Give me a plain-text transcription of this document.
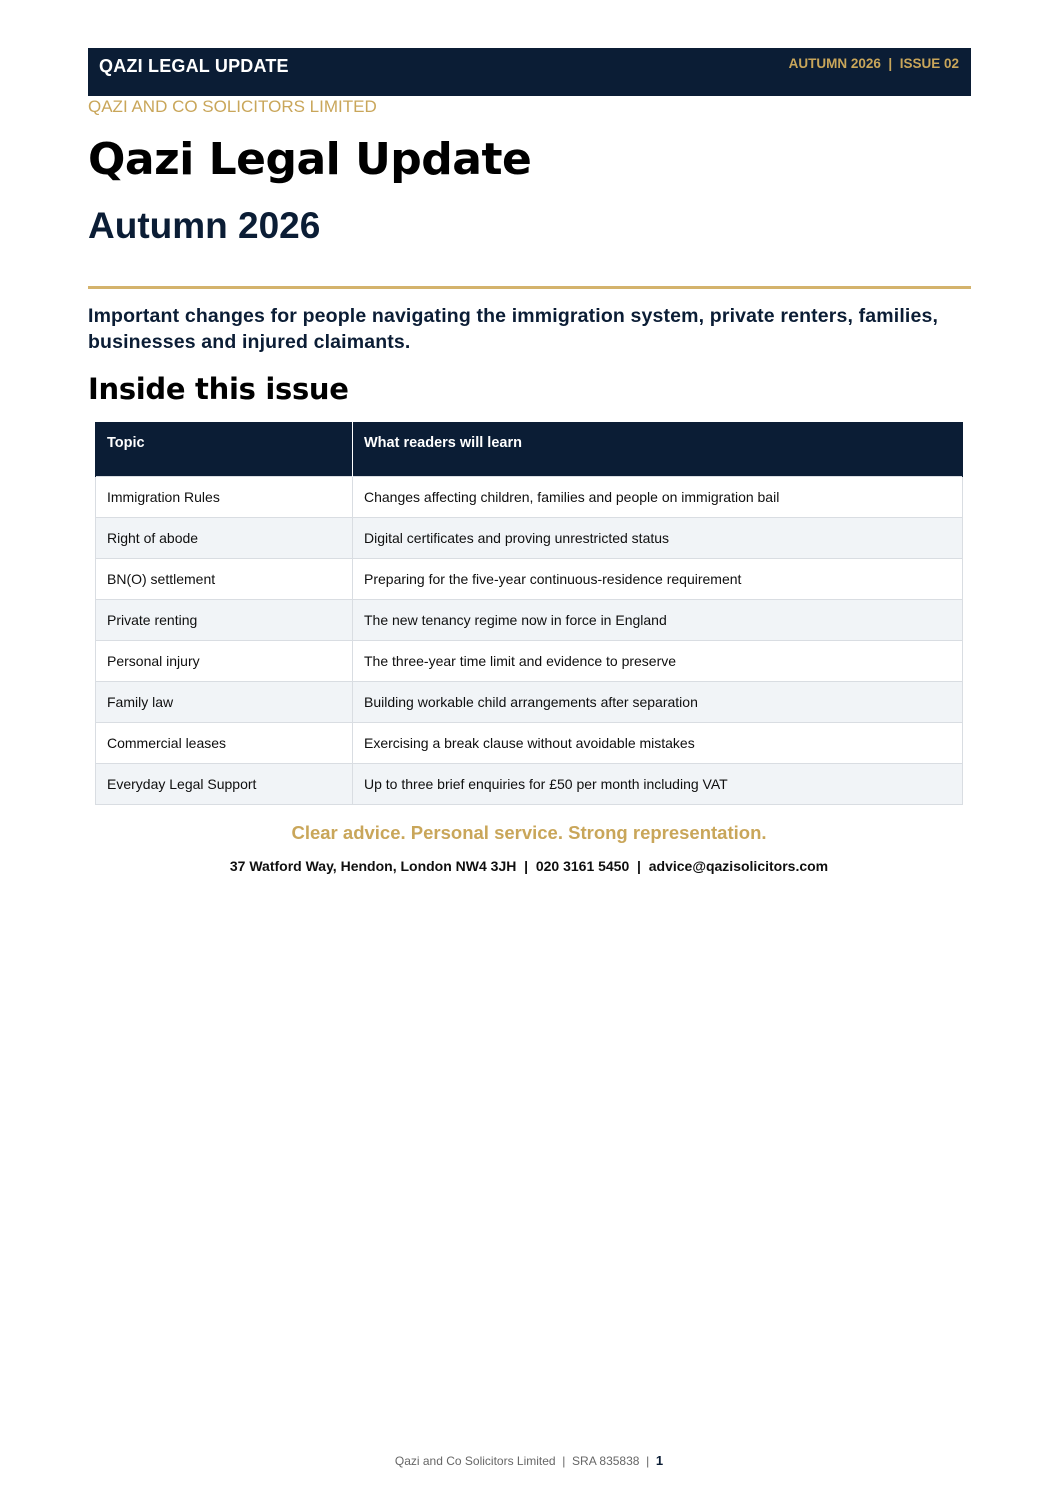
QAZI LEGAL UPDATE	AUTUMN 2026  |  ISSUE 02
QAZI AND CO SOLICITORS LIMITED
Qazi Legal Update
Autumn 2026

Important changes for people navigating the immigration system, private renters, families, businesses and injured claimants.

Inside this issue
Topic	What readers will learn
Immigration Rules	Changes affecting children, families and people on immigration bail
Right of abode	Digital certificates and proving unrestricted status
BN(O) settlement	Preparing for the five-year continuous-residence requirement
Private renting	The new tenancy regime now in force in England
Personal injury	The three-year time limit and evidence to preserve
Family law	Building workable child arrangements after separation
Commercial leases	Exercising a break clause without avoidable mistakes
Everyday Legal Support	Up to three brief enquiries for £50 per month including VAT
Clear advice. Personal service. Strong representation.
37 Watford Way, Hendon, London NW4 3JH  |  020 3161 5450  |  advice@qazisolicitors.com
Qazi and Co Solicitors Limited  |  SRA 835838  |  1
